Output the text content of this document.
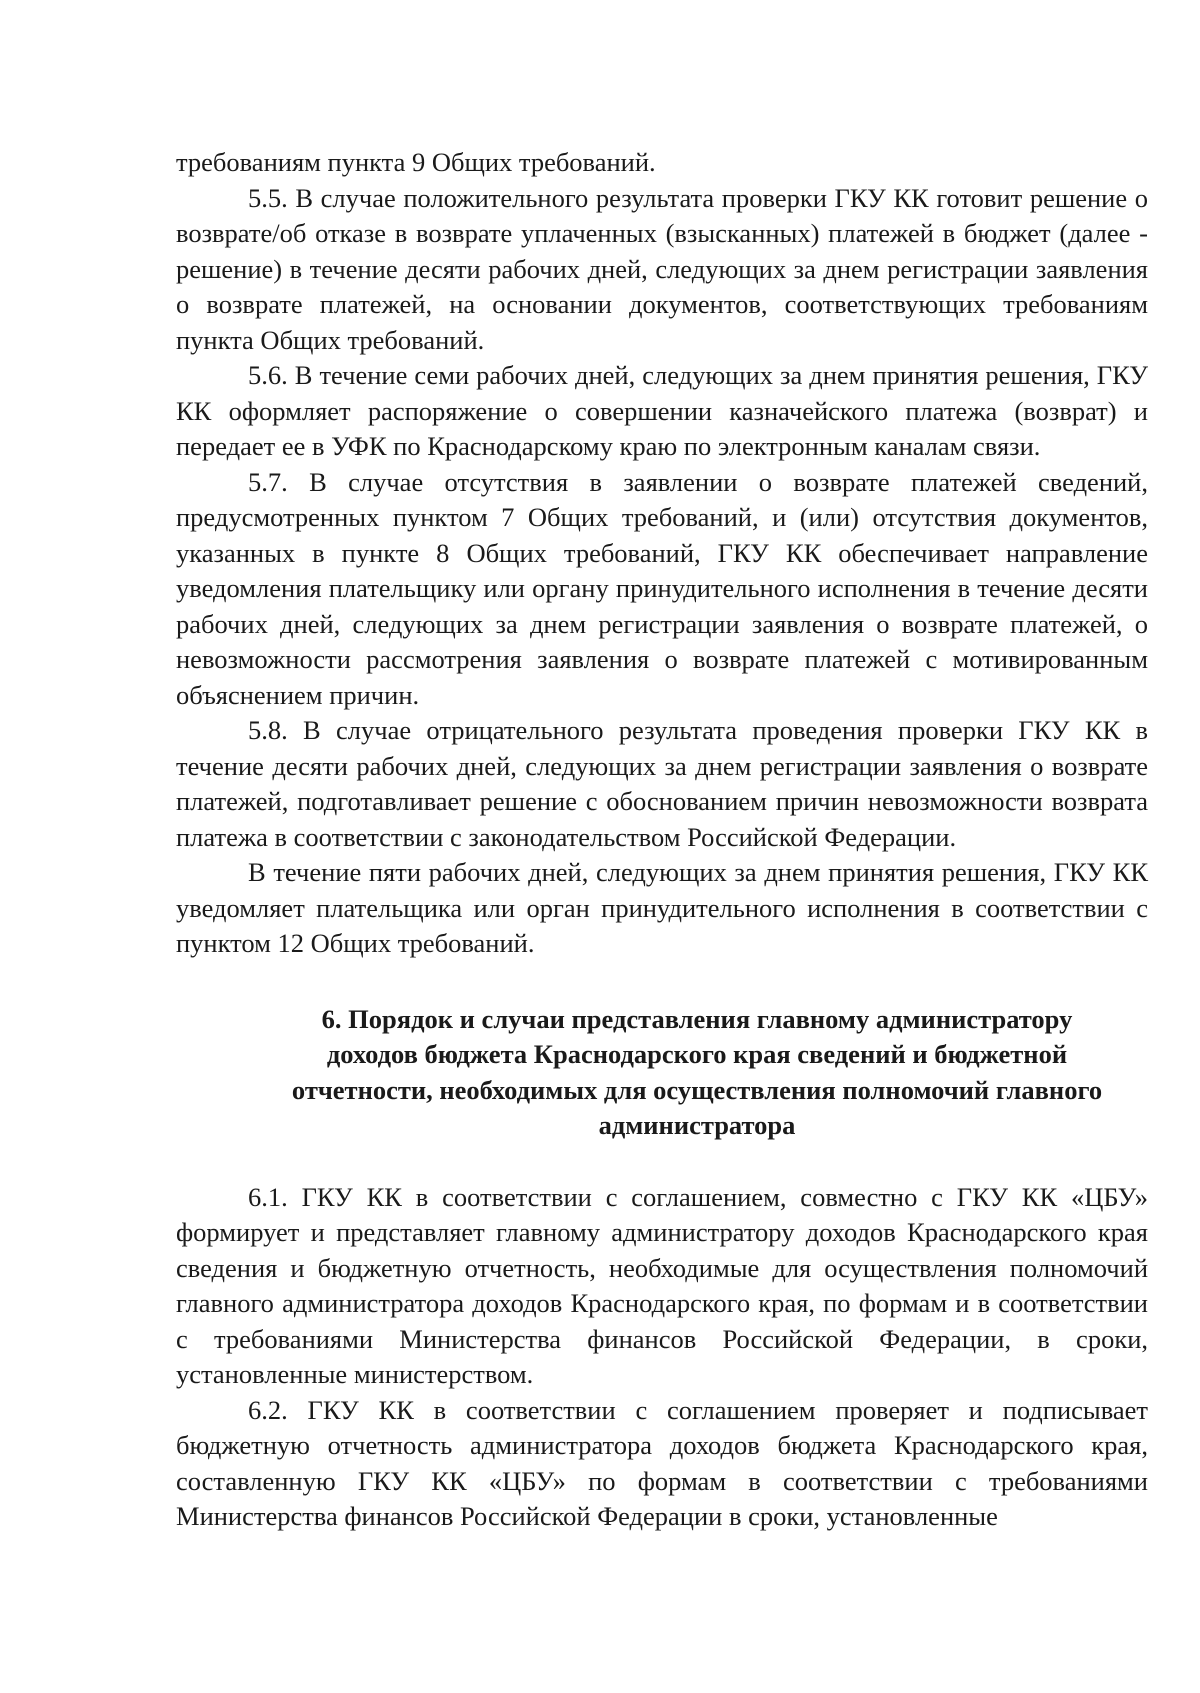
требованиям пункта 9 Общих требований.

5.5. В случае положительного результата проверки ГКУ КК готовит решение о возврате/об отказе в возврате уплаченных (взысканных) платежей в бюджет (далее - решение) в течение десяти рабочих дней, следующих за днем регистрации заявления о возврате платежей, на основании документов, соответствующих требованиям пункта Общих требований.

5.6. В течение семи рабочих дней, следующих за днем принятия решения, ГКУ КК оформляет распоряжение о совершении казначейского платежа (возврат) и передает ее в УФК по Краснодарскому краю по электронным каналам связи.

5.7. В случае отсутствия в заявлении о возврате платежей сведений, предусмотренных пунктом 7 Общих требований, и (или) отсутствия документов, указанных в пункте 8 Общих требований, ГКУ КК обеспечивает направление уведомления плательщику или органу принудительного исполнения в течение десяти рабочих дней, следующих за днем регистрации заявления о возврате платежей, о невозможности рассмотрения заявления о возврате платежей с мотивированным объяснением причин.

5.8. В случае отрицательного результата проведения проверки ГКУ КК в течение десяти рабочих дней, следующих за днем регистрации заявления о возврате платежей, подготавливает решение с обоснованием причин невозможности возврата платежа в соответствии с законодательством Российской Федерации.

В течение пяти рабочих дней, следующих за днем принятия решения, ГКУ КК уведомляет плательщика или орган принудительного исполнения в соответствии с пунктом 12 Общих требований.

6. Порядок и случаи представления главному администратору доходов бюджета Краснодарского края сведений и бюджетной отчетности, необходимых для осуществления полномочий главного администратора

6.1. ГКУ КК в соответствии с соглашением, совместно с ГКУ КК «ЦБУ» формирует и представляет главному администратору доходов Краснодарского края сведения и бюджетную отчетность, необходимые для осуществления полномочий главного администратора доходов Краснодарского края, по формам и в соответствии с требованиями Министерства финансов Российской Федерации, в сроки, установленные министерством.

6.2. ГКУ КК в соответствии с соглашением проверяет и подписывает бюджетную отчетность администратора доходов бюджета Краснодарского края, составленную ГКУ КК «ЦБУ» по формам в соответствии с требованиями Министерства финансов Российской Федерации в сроки, установленные
